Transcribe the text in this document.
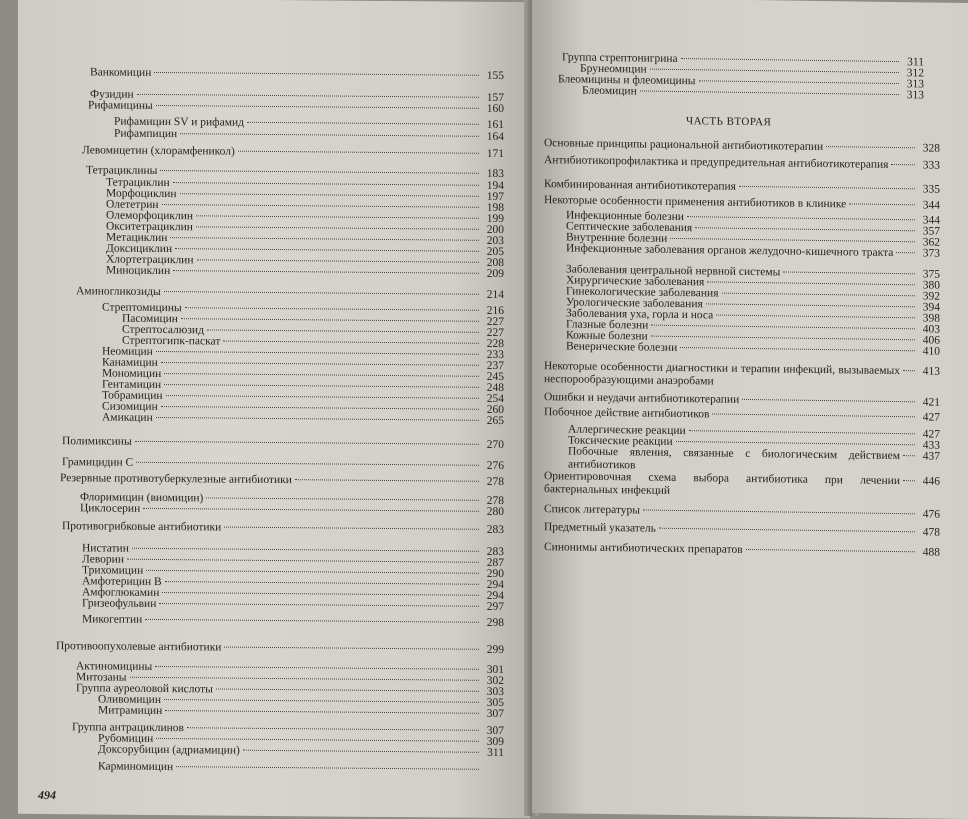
Ванкомицин	155
Фузидин	157
Рифамицины	160
Рифамицин SV и рифамид	161
Рифампицин	164
Левомицетин (хлорамфеникол)	171
Тетрациклины	183
Тетрациклин	194
Морфоциклин	197
Олететрин	198
Олеморфоциклин	199
Окситетрациклин	200
Метациклин	203
Доксициклин	205
Хлортетрациклин	208
Миноциклин	209
Аминогликозиды	214
Стрептомицины	216
Пасомицин	227
Стрептосалюзид	227
Стрептогипк-паскат	228
Неомицин	233
Канамицин	237
Мономицин	245
Гентамицин	248
Тобрамицин	254
Сизомицин	260
Амикацин	265
Полимиксины	270
Грамицидин С	276
Резервные противотуберкулезные антибиотики	278
Флоримицин (виомицин)	278
Циклосерин	280
Противогрибковые антибиотики	283
Нистатин	283
Леворин	287
Трихомицин	290
Амфотерицин В	294
Амфоглюкамин	294
Гризеофульвин	297
Микогептин	298
Противоопухолевые антибиотики	299
Актиномицины	301
Митозаны	302
Группа ауреоловой кислоты	303
Оливомицин	305
Митрамицин	307
Группа антрациклинов	307
Рубомицин	309
Доксорубицин (адриамицин)	311
Карминомицин
494
Группа стрептонигрина	311
Брунеомицин	312
Блеомицины и флеомицины	313
Блеомицин	313
ЧАСТЬ ВТОРАЯ
Основные принципы рациональной антибиотикотерапии	328
Антибиотикопрофилактика и предупредительная антибиотикотерапия	333
Комбинированная антибиотикотерапия	335
Некоторые особенности применения антибиотиков в клинике	344
Инфекционные болезни	344
Септические заболевания	357
Внутренние болезни	362
Инфекционные заболевания органов желудочно-кишечного тракта	373
Заболевания центральной нервной системы	375
Хирургические заболевания	380
Гинекологические заболевания	392
Урологические заболевания	394
Заболевания уха, горла и носа	398
Глазные болезни	403
Кожные болезни	406
Венерические болезни	410
Некоторые особенности диагностики и терапии инфекций, вызываемых неспорообразующими анаэробами
413
Ошибки и неудачи антибиотикотерапии	421
Побочное действие антибиотиков	427
Аллергические реакции	427
Токсические реакции	433
Побочные явления, связанные с биологическим действием антибиотиков
437
Ориентировочная схема выбора антибиотика при лечении бактериальных инфекций
446
Список литературы	476
Предметный указатель	478
Синонимы антибиотических препаратов	488
